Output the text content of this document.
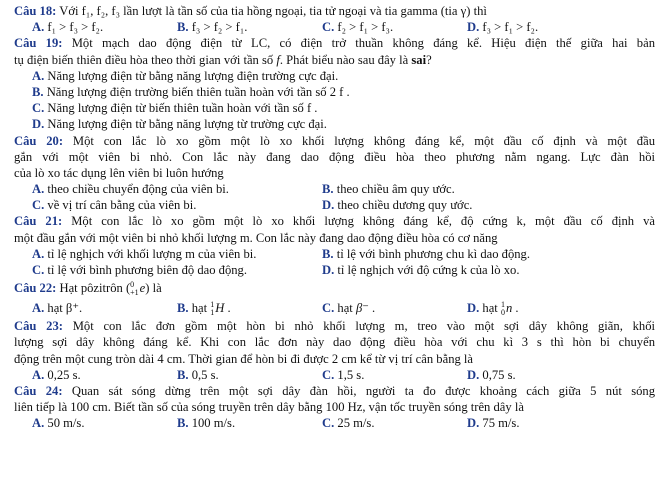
Câu 18: Với f₁, f₂, f₃ lần lượt là tần số của tia hồng ngoại, tia tử ngoại và tia gamma (tia γ) thì
A. f₁ > f₃ > f₂.	B. f₃ > f₂ > f₁.	C. f₂ > f₁ > f₃.	D. f₃ > f₁ > f₂.
Câu 19: Một mạch dao động điện từ LC, có điện trở thuần không đáng kể. Hiệu điện thế giữa hai bản
tụ điện biến thiên điều hòa theo thời gian với tần số f. Phát biểu nào sau đây là sai?
A. Năng lượng điện từ bằng năng lượng điện trường cực đại.
B. Năng lượng điện trường biến thiên tuần hoàn với tần số 2 f .
C. Năng lượng điện từ biến thiên tuần hoàn với tần số f .
D. Năng lượng điện từ bằng năng lượng từ trường cực đại.
Câu 20: Một con lắc lò xo gồm một lò xo khối lượng không đáng kể, một đầu cố định và một đầu
gắn với một viên bi nhỏ. Con lắc này đang dao động điều hòa theo phương nằm ngang. Lực đàn hồi
của lò xo tác dụng lên viên bi luôn hướng
A. theo chiều chuyển động của viên bi.	B. theo chiều âm quy ước.
C. về vị trí cân bằng của viên bi.	D. theo chiều dương quy ước.
Câu 21: Một con lắc lò xo gồm một lò xo khối lượng không đáng kể, độ cứng k, một đầu cố định và
một đầu gắn với một viên bi nhỏ khối lượng m. Con lắc này đang dao động điều hòa có cơ năng
A. tỉ lệ nghịch với khối lượng m của viên bi.	B. tỉ lệ với bình phương chu kì dao động.
C. tỉ lệ với bình phương biên độ dao động.	D. tỉ lệ nghịch với độ cứng k của lò xo.
Câu 22: Hạt pôzitrôn ( 0
+1 e) là
A. hạt β⁺.	B. hạt 1
1 H .	C. hạt β⁻ .	D. hạt 1
0 n .
Câu 23: Một con lắc đơn gồm một hòn bi nhỏ khối lượng m, treo vào một sợi dây không giãn, khối
lượng sợi dây không đáng kể. Khi con lắc đơn này dao động điều hòa với chu kì 3 s thì hòn bi chuyển
động trên một cung tròn dài 4 cm. Thời gian để hòn bi đi được 2 cm kể từ vị trí cân bằng là
A. 0,25 s.	B. 0,5 s.	C. 1,5 s.	D. 0,75 s.
Câu 24: Quan sát sóng dừng trên một sợi dây đàn hồi, người ta đo được khoảng cách giữa 5 nút sóng
liên tiếp là 100 cm. Biết tần số của sóng truyền trên dây bằng 100 Hz, vận tốc truyền sóng trên dây là
A. 50 m/s.	B. 100 m/s.	C. 25 m/s.	D. 75 m/s.
